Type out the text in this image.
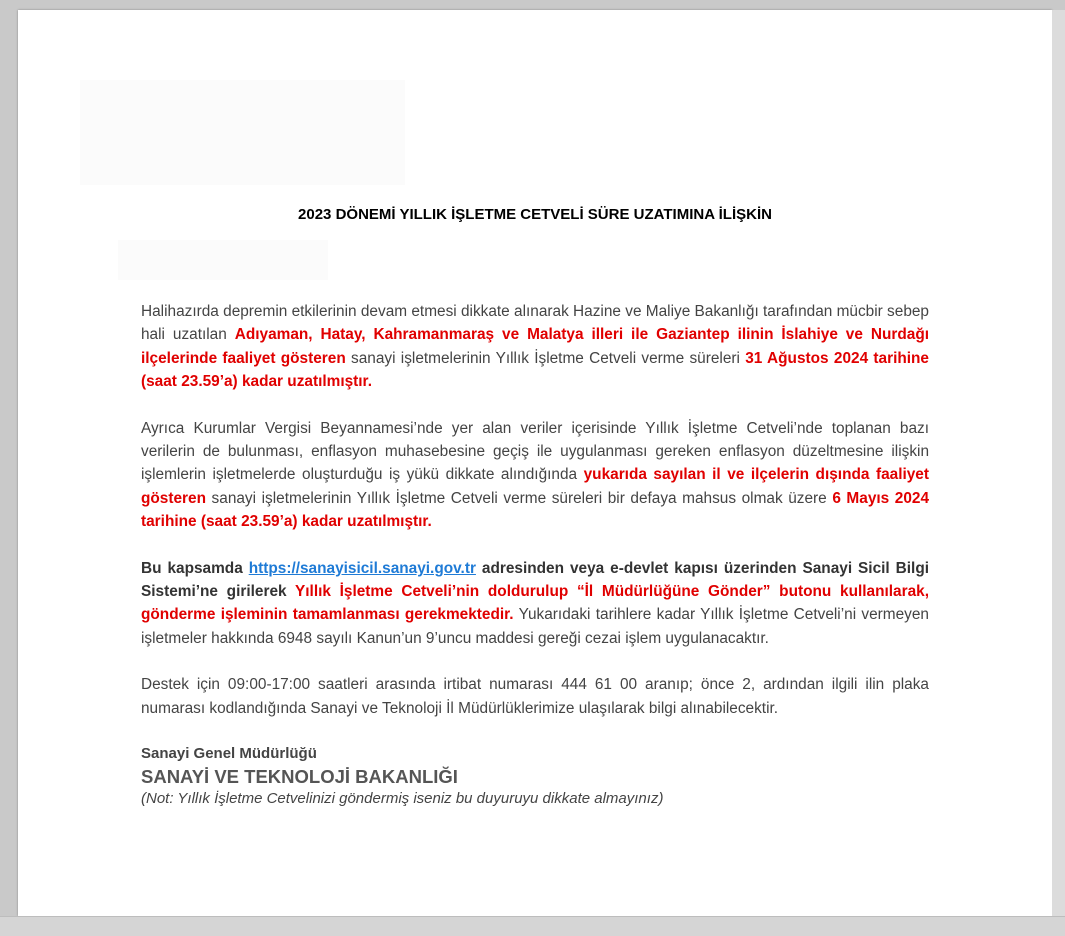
2023 DÖNEMİ YILLIK İŞLETME CETVELİ SÜRE UZATIMINA İLİŞKİN

Halihazırda depremin etkilerinin devam etmesi dikkate alınarak Hazine ve Maliye Bakanlığı tarafından mücbir sebep hali uzatılan Adıyaman, Hatay, Kahramanmaraş ve Malatya illeri ile Gaziantep ilinin İslahiye ve Nurdağı ilçelerinde faaliyet gösteren sanayi işletmelerinin Yıllık İşletme Cetveli verme süreleri 31 Ağustos 2024 tarihine (saat 23.59’a) kadar uzatılmıştır.

Ayrıca Kurumlar Vergisi Beyannamesi’nde yer alan veriler içerisinde Yıllık İşletme Cetveli’nde toplanan bazı verilerin de bulunması, enflasyon muhasebesine geçiş ile uygulanması gereken enflasyon düzeltmesine ilişkin işlemlerin işletmelerde oluşturduğu iş yükü dikkate alındığında yukarıda sayılan il ve ilçelerin dışında faaliyet gösteren sanayi işletmelerinin Yıllık İşletme Cetveli verme süreleri bir defaya mahsus olmak üzere 6 Mayıs 2024 tarihine (saat 23.59’a) kadar uzatılmıştır.

Bu kapsamda https://sanayisicil.sanayi.gov.tr adresinden veya e-devlet kapısı üzerinden Sanayi Sicil Bilgi Sistemi’ne girilerek Yıllık İşletme Cetveli’nin doldurulup “İl Müdürlüğüne Gönder” butonu kullanılarak, gönderme işleminin tamamlanması gerekmektedir. Yukarıdaki tarihlere kadar Yıllık İşletme Cetveli’ni vermeyen işletmeler hakkında 6948 sayılı Kanun’un 9’uncu maddesi gereği cezai işlem uygulanacaktır.

Destek için 09:00-17:00 saatleri arasında irtibat numarası 444 61 00 aranıp; önce 2, ardından ilgili ilin plaka numarası kodlandığında Sanayi ve Teknoloji İl Müdürlüklerimize ulaşılarak bilgi alınabilecektir.

Sanayi Genel Müdürlüğü
SANAYİ VE TEKNOLOJİ BAKANLIĞI
(Not: Yıllık İşletme Cetvelinizi göndermiş iseniz bu duyuruyu dikkate almayınız)
